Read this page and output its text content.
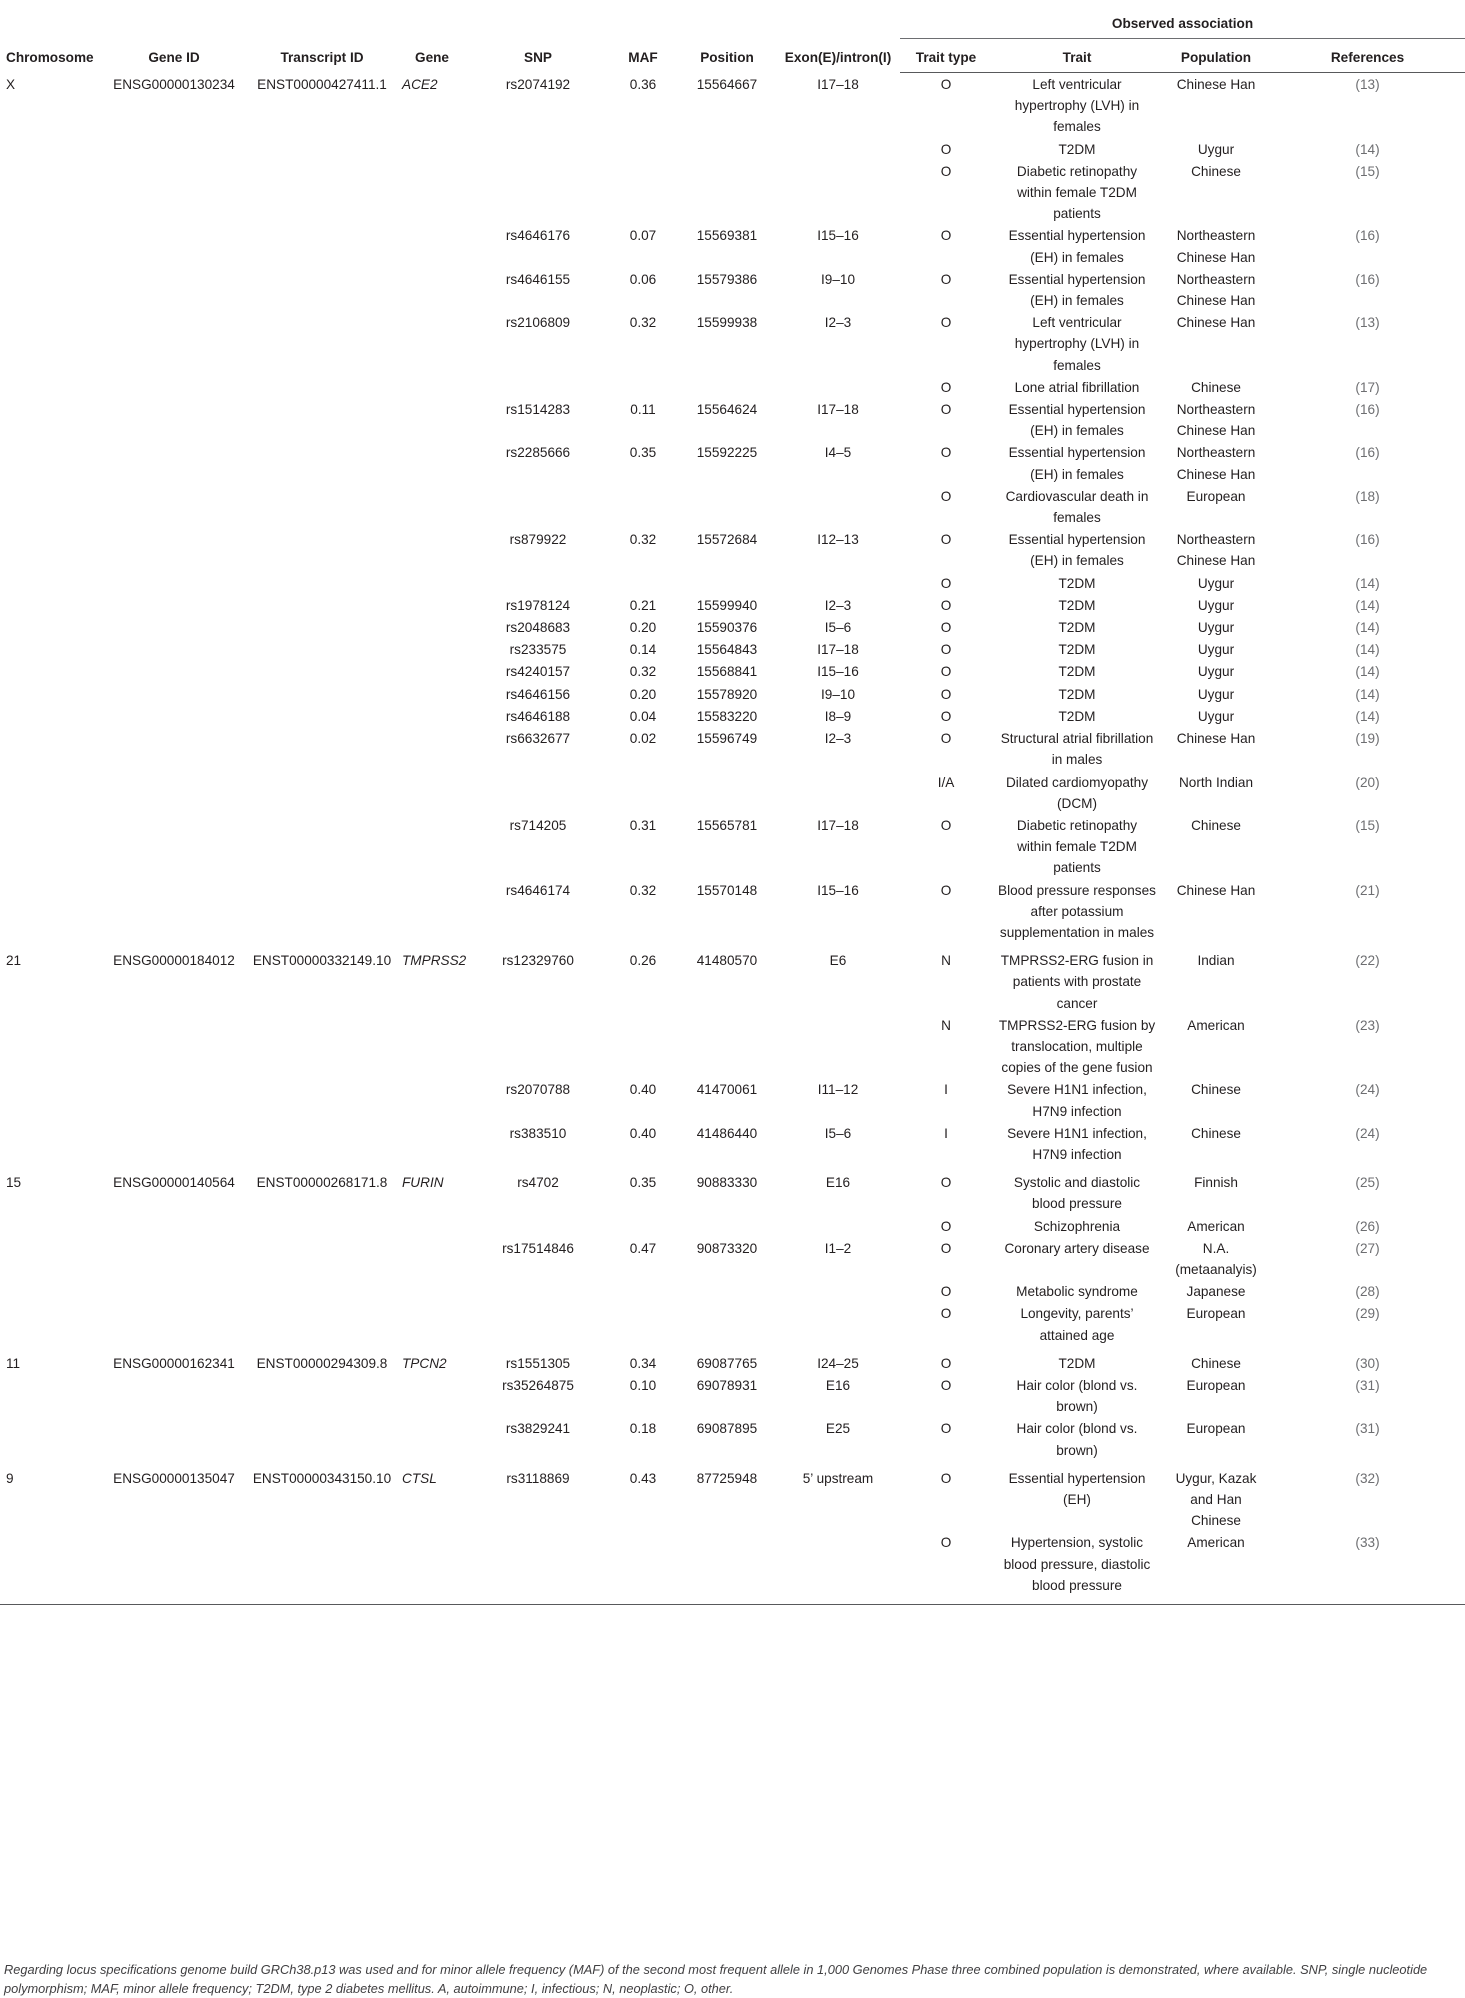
Chromosome	Gene ID	Transcript ID	Gene	SNP	MAF	Position	Exon(E)/intron(I)	Observed association			
								Trait type	Trait	Population	References
X	ENSG00000130234	ENST00000427411.1	ACE2	rs2074192	0.36	15564667	I17–18	O	Left ventricular hypertrophy (LVH) in females	Chinese Han	(13)
								O	T2DM	Uygur	(14)
								O	Diabetic retinopathy within female T2DM patients	Chinese	(15)
				rs4646176	0.07	15569381	I15–16	O	Essential hypertension (EH) in females	Northeastern Chinese Han	(16)
				rs4646155	0.06	15579386	I9–10	O	Essential hypertension (EH) in females	Northeastern Chinese Han	(16)
				rs2106809	0.32	15599938	I2–3	O	Left ventricular hypertrophy (LVH) in females	Chinese Han	(13)
								O	Lone atrial fibrillation	Chinese	(17)
				rs1514283	0.11	15564624	I17–18	O	Essential hypertension (EH) in females	Northeastern Chinese Han	(16)
				rs2285666	0.35	15592225	I4–5	O	Essential hypertension (EH) in females	Northeastern Chinese Han	(16)
								O	Cardiovascular death in females	European	(18)
				rs879922	0.32	15572684	I12–13	O	Essential hypertension (EH) in females	Northeastern Chinese Han	(16)
								O	T2DM	Uygur	(14)
				rs1978124	0.21	15599940	I2–3	O	T2DM	Uygur	(14)
				rs2048683	0.20	15590376	I5–6	O	T2DM	Uygur	(14)
				rs233575	0.14	15564843	I17–18	O	T2DM	Uygur	(14)
				rs4240157	0.32	15568841	I15–16	O	T2DM	Uygur	(14)
				rs4646156	0.20	15578920	I9–10	O	T2DM	Uygur	(14)
				rs4646188	0.04	15583220	I8–9	O	T2DM	Uygur	(14)
				rs6632677	0.02	15596749	I2–3	O	Structural atrial fibrillation in males	Chinese Han	(19)
								I/A	Dilated cardiomyopathy (DCM)	North Indian	(20)
				rs714205	0.31	15565781	I17–18	O	Diabetic retinopathy within female T2DM patients	Chinese	(15)
				rs4646174	0.32	15570148	I15–16	O	Blood pressure responses after potassium supplementation in males	Chinese Han	(21)
21	ENSG00000184012	ENST00000332149.10	TMPRSS2	rs12329760	0.26	41480570	E6	N	TMPRSS2-ERG fusion in patients with prostate cancer	Indian	(22)
								N	TMPRSS2-ERG fusion by translocation, multiple copies of the gene fusion	American	(23)
				rs2070788	0.40	41470061	I11–12	I	Severe H1N1 infection, H7N9 infection	Chinese	(24)
				rs383510	0.40	41486440	I5–6	I	Severe H1N1 infection, H7N9 infection	Chinese	(24)
15	ENSG00000140564	ENST00000268171.8	FURIN	rs4702	0.35	90883330	E16	O	Systolic and diastolic blood pressure	Finnish	(25)
								O	Schizophrenia	American	(26)
				rs17514846	0.47	90873320	I1–2	O	Coronary artery disease	N.A. (metaanalyis)	(27)
								O	Metabolic syndrome	Japanese	(28)
								O	Longevity, parents’ attained age	European	(29)
11	ENSG00000162341	ENST00000294309.8	TPCN2	rs1551305	0.34	69087765	I24–25	O	T2DM	Chinese	(30)
				rs35264875	0.10	69078931	E16	O	Hair color (blond vs. brown)	European	(31)
				rs3829241	0.18	69087895	E25	O	Hair color (blond vs. brown)	European	(31)
9	ENSG00000135047	ENST00000343150.10	CTSL	rs3118869	0.43	87725948	5’ upstream	O	Essential hypertension (EH)	Uygur, Kazak and Han Chinese	(32)
								O	Hypertension, systolic blood pressure, diastolic blood pressure	American	(33)
Regarding locus specifications genome build GRCh38.p13 was used and for minor allele frequency (MAF) of the second most frequent allele in 1,000 Genomes Phase three combined population is demonstrated, where available. SNP, single nucleotide polymorphism; MAF, minor allele frequency; T2DM, type 2 diabetes mellitus. A, autoimmune; I, infectious; N, neoplastic; O, other.
